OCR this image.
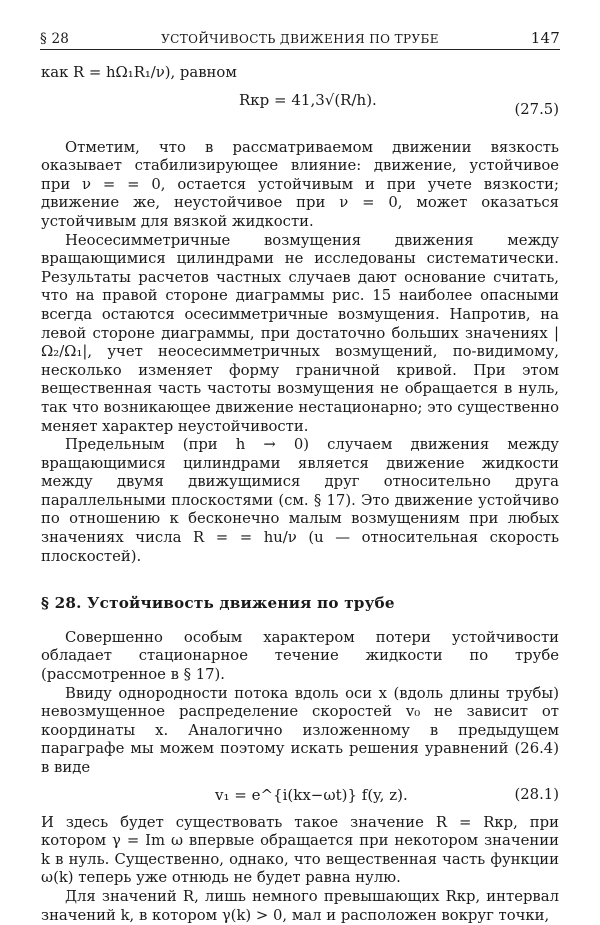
§ 28	УСТОЙЧИВОСТЬ ДВИЖЕНИЯ ПО ТРУБЕ	147

как R = hΩ₁R₁/ν), равном

Rкр = 41,3√(R/h).
(27.5)

Отметим, что в рассматриваемом движении вязкость оказывает стабилизирующее влияние: движение, устойчивое при ν = = 0, остается устойчивым и при учете вязкости; движение же, неустойчивое при ν = 0, может оказаться устойчивым для вязкой жидкости.

Неосесимметричные возмущения движения между вращающимися цилиндрами не исследованы систематически. Результаты расчетов частных случаев дают основание считать, что на правой стороне диаграммы рис. 15 наиболее опасными всегда остаются осесимметричные возмущения. Напротив, на левой стороне диаграммы, при достаточно больших значениях |Ω₂/Ω₁|, учет неосесимметричных возмущений, по-видимому, несколько изменяет форму граничной кривой. При этом вещественная часть частоты возмущения не обращается в нуль, так что возникающее движение нестационарно; это существенно меняет характер неустойчивости.

Предельным (при h → 0) случаем движения между вращающимися цилиндрами является движение жидкости между двумя движущимися друг относительно друга параллельными плоскостями (см. § 17). Это движение устойчиво по отношению к бесконечно малым возмущениям при любых значениях числа R = = hu/ν (u — относительная скорость плоскостей).

§ 28. Устойчивость движения по трубе

Совершенно особым характером потери устойчивости обладает стационарное течение жидкости по трубе (рассмотренное в § 17).

Ввиду однородности потока вдоль оси x (вдоль длины трубы) невозмущенное распределение скоростей v₀ не зависит от координаты x. Аналогично изложенному в предыдущем параграфе мы можем поэтому искать решения уравнений (26.4) в виде

v₁ = e^{i(kx−ωt)} f(y, z).	(28.1)

И здесь будет существовать такое значение R = Rкр, при котором γ = Im ω впервые обращается при некотором значении k в нуль. Существенно, однако, что вещественная часть функции ω(k) теперь уже отнюдь не будет равна нулю.

Для значений R, лишь немного превышающих Rкр, интервал значений k, в котором γ(k) > 0, мал и расположен вокруг точки,
